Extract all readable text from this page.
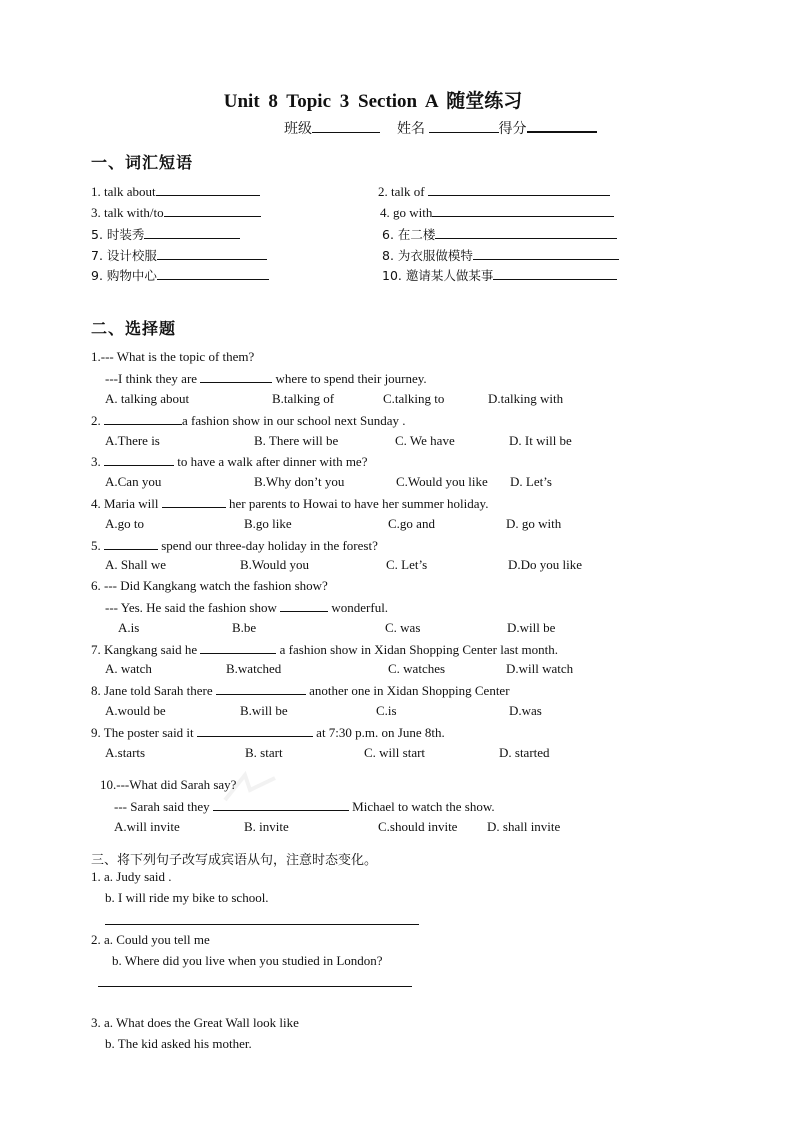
Unit 8 Topic 3 Section A 随堂练习
班级	姓名	得分
一、词汇短语
1. talk about	2. talk of
3. talk with/to	4. go with
5. 时装秀	6. 在二楼
7. 设计校服	8. 为衣服做模特
9. 购物中心	10. 邀请某人做某事
二、选择题
1.--- What is the topic of them?
---I think they are	where to spend their journey.
A. talking about	B.talking of	C.talking to	D.talking with
2.	a fashion show in our school next Sunday .
A.There is	B. There will be	C. We have	D. It will be
3.	to have a walk after dinner with me?
A.Can you	B.Why don’t you	C.Would you like D. Let’s
4. Maria will	her parents to Howai to have her summer holiday.
A.go to	B.go like	C.go and	D. go with
5.	spend our three-day holiday in the forest?
A. Shall we	B.Would you	C. Let’s	D.Do you like
6. --- Did Kangkang watch the fashion show?
--- Yes. He said the fashion show	wonderful.
A.is	B.be	C. was	D.will be
7. Kangkang said he	a fashion show in Xidan Shopping Center last month.
A. watch	B.watched	C. watches	D.will watch
8. Jane told Sarah there	another one in Xidan Shopping Center
A.would be	B.will be	C.is	D.was
9. The poster said it	at 7:30 p.m. on June 8th.
A.starts	B. start	C. will start	D. started
10.---What did Sarah say?
--- Sarah said they	Michael to watch the show.
A.will invite	B. invite	C.should invite D. shall invite
三、将下列句子改写成宾语从句，注意时态变化。
1. a. Judy said .
b. I will ride my bike to school.
2. a. Could you tell me
b. Where did you live when you studied in London?
3. a. What does the Great Wall look like
b. The kid asked his mother.
